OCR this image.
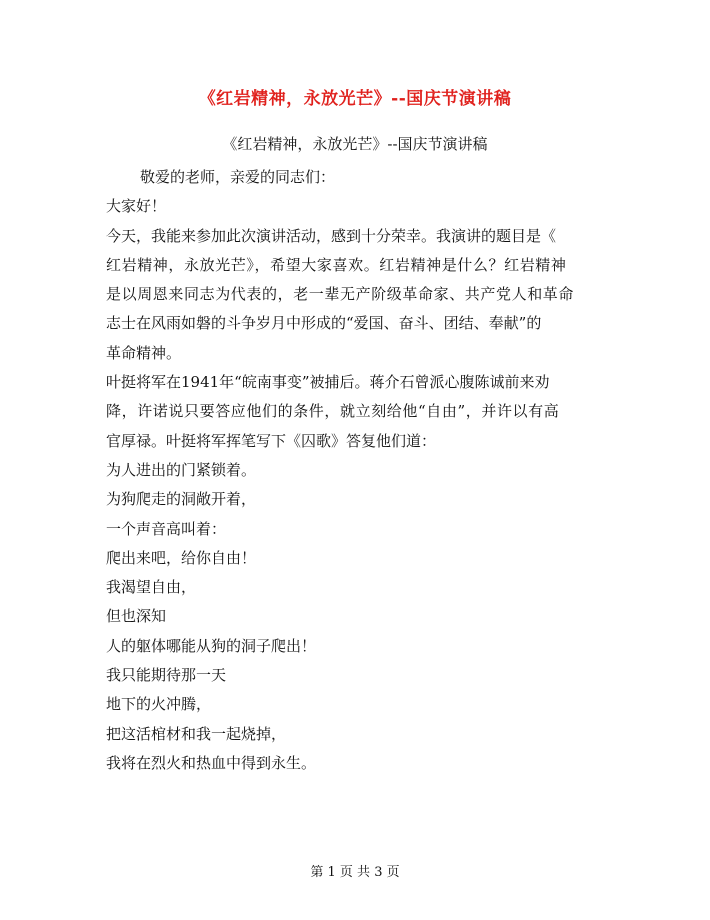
《红岩精神，永放光芒》--国庆节演讲稿
《红岩精神，永放光芒》--国庆节演讲稿
敬爱的老师，亲爱的同志们：
大家好！
今天，我能来参加此次演讲活动，感到十分荣幸。我演讲的题目是《
红岩精神，永放光芒》，希望大家喜欢。红岩精神是什么？红岩精神
是以周恩来同志为代表的，老一辈无产阶级革命家、共产党人和革命
志士在风雨如磐的斗争岁月中形成的“爱国、奋斗、团结、奉献”的
革命精神。
叶挺将军在1941年“皖南事变”被捕后。蒋介石曾派心腹陈诚前来劝
降，许诺说只要答应他们的条件，就立刻给他“自由”，并许以有高
官厚禄。叶挺将军挥笔写下《囚歌》答复他们道：
为人进出的门紧锁着。
为狗爬走的洞敞开着，
一个声音高叫着：
爬出来吧，给你自由！
我渴望自由，
但也深知
人的躯体哪能从狗的洞子爬出！
我只能期待那一天
地下的火冲腾，
把这活棺材和我一起烧掉，
我将在烈火和热血中得到永生。
第 1 页 共 3 页
